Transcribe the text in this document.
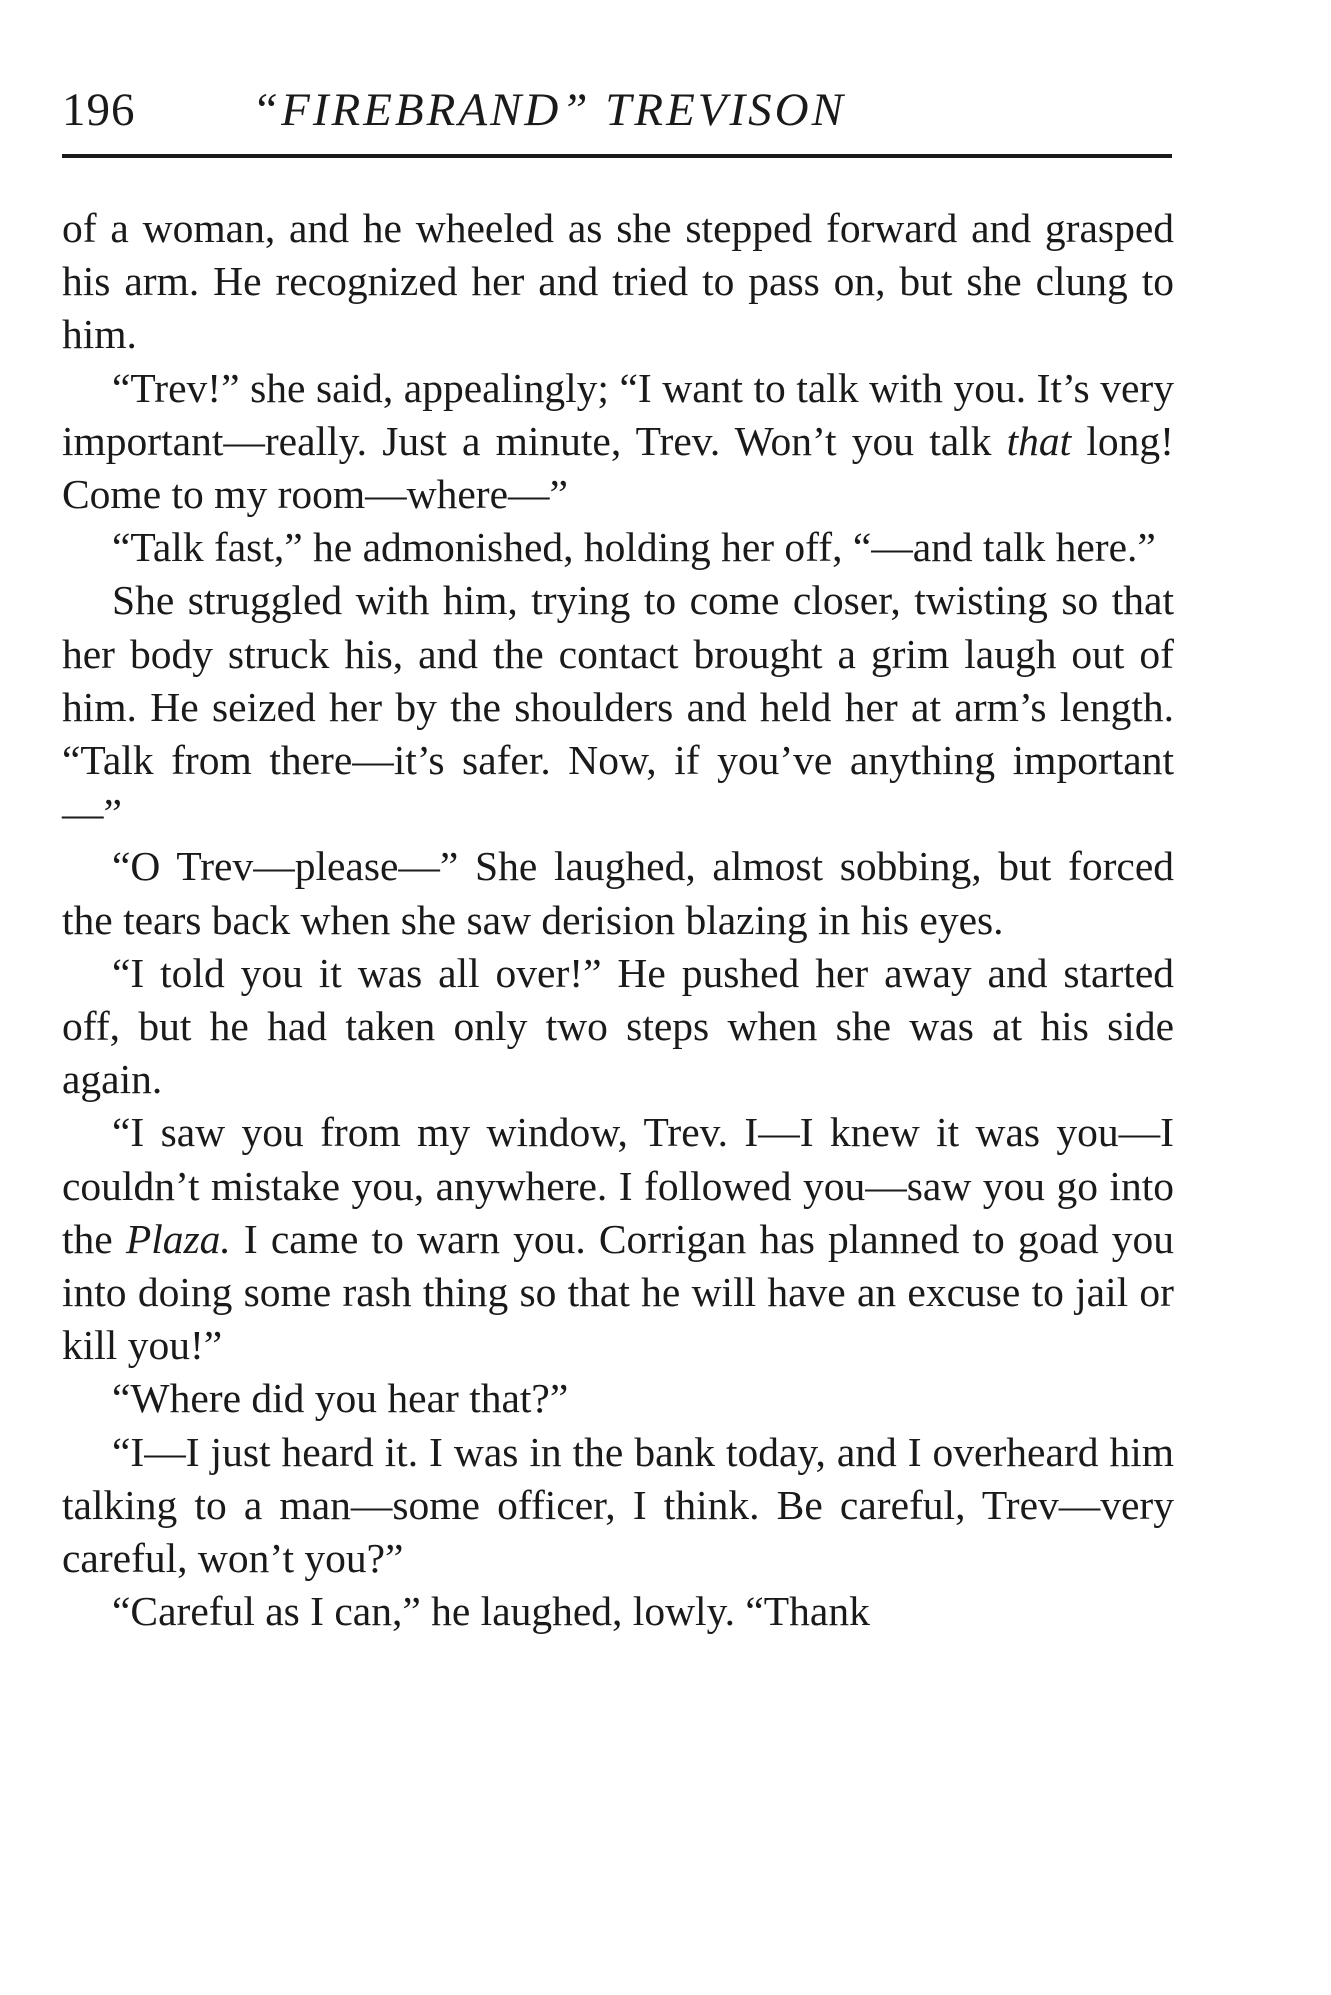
196 “FIREBRAND” TREVISON

of a woman, and he wheeled as she stepped forward and grasped his arm. He recognized her and tried to pass on, but she clung to him.

“Trev!” she said, appealingly; “I want to talk with you. It’s very important—really. Just a minute, Trev. Won’t you talk that long! Come to my room—where—”

“Talk fast,” he admonished, holding her off, “—and talk here.”

She struggled with him, trying to come closer, twisting so that her body struck his, and the contact brought a grim laugh out of him. He seized her by the shoulders and held her at arm’s length. “Talk from there—it’s safer. Now, if you’ve anything important—”

“O Trev—please—” She laughed, almost sobbing, but forced the tears back when she saw derision blazing in his eyes.

“I told you it was all over!” He pushed her away and started off, but he had taken only two steps when she was at his side again.

“I saw you from my window, Trev. I—I knew it was you—I couldn’t mistake you, anywhere. I followed you—saw you go into the Plaza. I came to warn you. Corrigan has planned to goad you into doing some rash thing so that he will have an excuse to jail or kill you!”

“Where did you hear that?”

“I—I just heard it. I was in the bank today, and I overheard him talking to a man—some officer, I think. Be careful, Trev—very careful, won’t you?”

“Careful as I can,” he laughed, lowly. “Thank
